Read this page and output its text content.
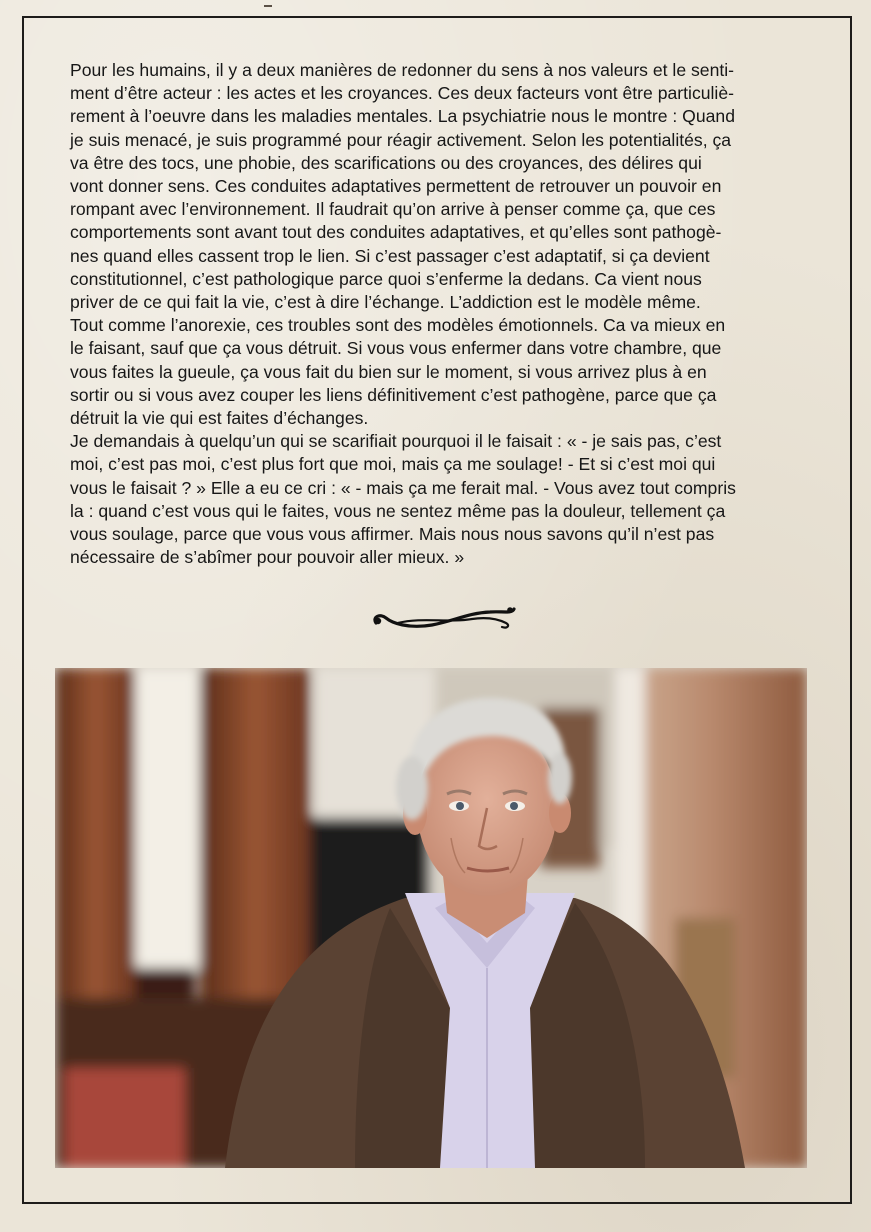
Pour les humains, il y a deux manières de redonner du sens à nos valeurs et le senti-
ment d’être acteur : les actes et les croyances. Ces deux facteurs vont être particuliè-
rement à l’oeuvre dans les maladies mentales. La psychiatrie nous le montre : Quand
je suis menacé, je suis programmé pour réagir activement. Selon les potentialités, ça
va être des tocs, une phobie, des scarifications ou des croyances, des délires qui
vont donner sens. Ces conduites adaptatives permettent de retrouver un pouvoir en
rompant avec l’environnement. Il faudrait qu’on arrive à penser comme ça, que ces
comportements sont avant tout des conduites adaptatives, et qu’elles sont pathogè-
nes quand elles cassent trop le lien. Si c’est passager c’est adaptatif, si ça devient
constitutionnel, c’est pathologique parce quoi s’enferme la dedans. Ca vient nous
priver de ce qui fait la vie, c’est à dire l’échange. L’addiction est le modèle même.
Tout comme l’anorexie, ces troubles sont des modèles émotionnels. Ca va mieux en
le faisant, sauf que ça vous détruit. Si vous vous enfermer dans votre chambre, que
vous faites la gueule, ça vous fait du bien sur le moment, si vous arrivez plus à en
sortir ou si vous avez couper les liens définitivement c’est pathogène, parce que ça
détruit la vie qui est faites d’échanges.

Je demandais à quelqu’un qui se scarifiait pourquoi il le faisait : « - je sais pas, c’est
moi, c’est pas moi, c’est plus fort que moi, mais ça me soulage! - Et si c’est moi qui
vous le faisait ? » Elle a eu ce cri : « - mais ça me ferait mal. - Vous avez tout compris
la : quand c’est vous qui le faites, vous ne sentez même pas la douleur, tellement ça
vous soulage, parce que vous vous affirmer. Mais nous nous savons qu’il n’est pas
nécessaire de s’abîmer pour pouvoir aller mieux. »
